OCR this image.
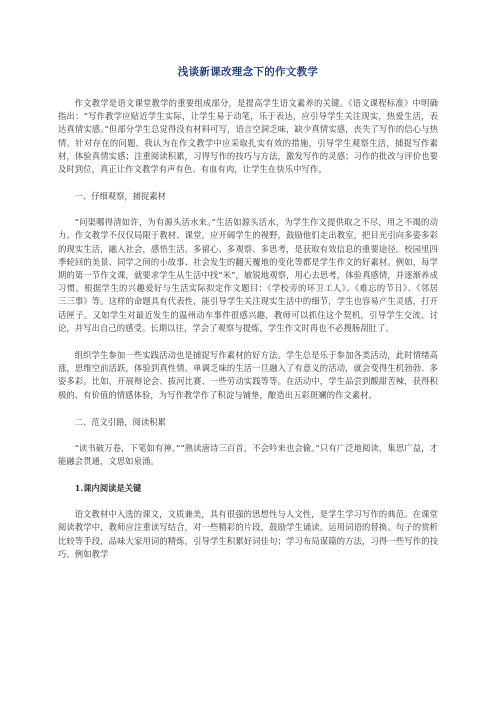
浅谈新课改理念下的作文教学

作文教学是语文课堂教学的重要组成部分，是提高学生语文素养的关键。《语文课程标准》中明确指出：“写作教学应贴近学生实际，让学生易于动笔，乐于表达，应引导学生关注现实，热爱生活，表达真情实感。”但部分学生总觉得没有材料可写，语言空洞乏味，缺少真情实感，丧失了写作的信心与热情。针对存在的问题，我认为在作文教学中应采取扎实有效的措施，引导学生观察生活，捕捉写作素材，体验真情实感；注重阅读积累，习得写作的技巧与方法，激发写作的灵感；习作的批改与评价也要及时到位，真正让作文教学有声有色、有血有肉，让学生在快乐中写作。

一、仔细观察，捕捉素材

“问渠哪得清如许，为有源头活水来。”生活如源头活水，为学生作文提供取之不尽，用之不竭的动力。作文教学不仅仅局限于教材、课堂，应开阔学生的视野，鼓励他们走出教室，把目光引向多姿多彩的现实生活，融入社会，感悟生活。多留心、多观察、多思考，是获取有效信息的重要途径。校园里四季轮回的美景、同学之间的小故事、社会发生的翻天覆地的变化等都是学生作文的好素材。例如，每学期的第一节作文课，就要求学生从生活中找“米”，敏锐地观察，用心去思考，体验真感情，并逐渐养成习惯。根据学生的兴趣爱好与生活实际拟定作文题目：《学校旁的环卫工人》、《难忘的节日》、《邻居　　三三事》等。这样的命题具有代表性，能引导学生关注现实生活中的细节，学生也容易产生灵感，打开话匣子。又如学生对最近发生的温州动车事件很感兴趣，教师可以抓住这个契机，引导学生交流、讨论，并写出自己的感受。长期以往，学会了观察与提炼，学生作文时再也不必搜肠刮肚了。

组织学生参加一些实践活动也是捕捉写作素材的好方法。学生总是乐于参加各类活动，此时情绪高涨，思维空前活跃，体验到真性情。单调乏味的生活一旦融入了有意义的活动，就会变得生机勃勃、多姿多彩。比如，开展辩论会、拔河比赛、一些劳动实践等等。在活动中，学生品尝到酸甜苦辣，获得积极的、有价值的情感体验，为写作教学作了积淀与铺垫，酿造出五彩斑斓的作文素材。

二、范文引路，阅读积累

“读书破万卷，下笔如有神。”“熟读唐诗三百首，不会吟来也会偷。”只有广泛地阅读，集思广益，才能融会贯通，文思如泉涌。

1.课内阅读是关键

语文教材中入选的课文，文质兼美，具有很强的思想性与人文性，是学生学习写作的典范。在课堂阅读教学中，教师应注重读写结合，对一些精彩的片段，鼓励学生诵读。运用词语的替换、句子的赏析比较等手段，品味大家用词的精炼，引导学生积累好词佳句；学习布局谋篇的方法，习得一些写作的技巧。例如教学
